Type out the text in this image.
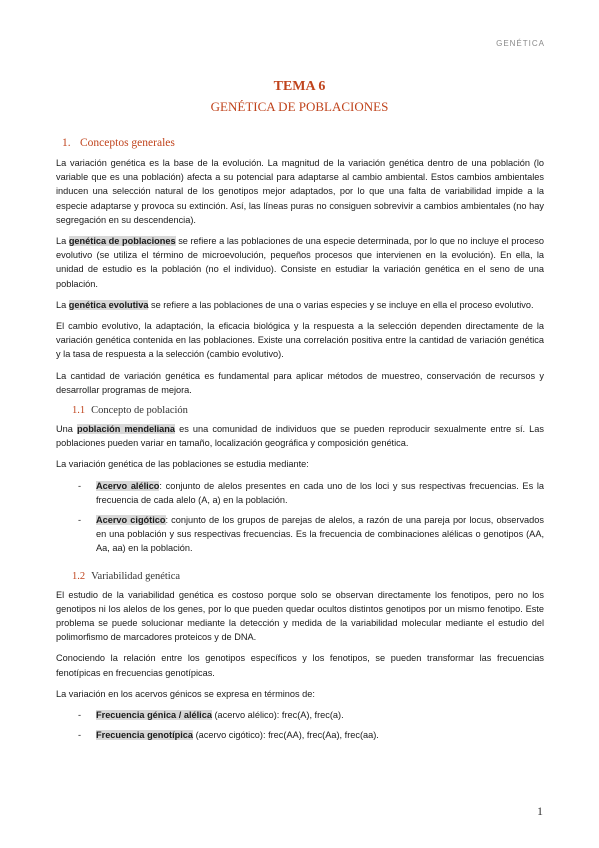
GENÉTICA
TEMA 6
GENÉTICA DE POBLACIONES
1. Conceptos generales

La variación genética es la base de la evolución. La magnitud de la variación genética dentro de una población (lo variable que es una población) afecta a su potencial para adaptarse al cambio ambiental. Estos cambios ambientales inducen una selección natural de los genotipos mejor adaptados, por lo que una falta de variabilidad impide a la especie adaptarse y provoca su extinción. Así, las líneas puras no consiguen sobrevivir a cambios ambientales (no hay segregación en su descendencia).

La genética de poblaciones se refiere a las poblaciones de una especie determinada, por lo que no incluye el proceso evolutivo (se utiliza el término de microevolución, pequeños procesos que intervienen en la evolución). En ella, la unidad de estudio es la población (no el individuo). Consiste en estudiar la variación genética en el seno de una población.

La genética evolutiva se refiere a las poblaciones de una o varias especies y se incluye en ella el proceso evolutivo.

El cambio evolutivo, la adaptación, la eficacia biológica y la respuesta a la selección dependen directamente de la variación genética contenida en las poblaciones. Existe una correlación positiva entre la cantidad de variación genética y la tasa de respuesta a la selección (cambio evolutivo).

La cantidad de variación genética es fundamental para aplicar métodos de muestreo, conservación de recursos y desarrollar programas de mejora.

1.1 Concepto de población

Una población mendeliana es una comunidad de individuos que se pueden reproducir sexualmente entre sí. Las poblaciones pueden variar en tamaño, localización geográfica y composición genética.

La variación genética de las poblaciones se estudia mediante:

- Acervo alélico: conjunto de alelos presentes en cada uno de los loci y sus respectivas frecuencias. Es la frecuencia de cada alelo (A, a) en la población.
- Acervo cigótico: conjunto de los grupos de parejas de alelos, a razón de una pareja por locus, observados en una población y sus respectivas frecuencias. Es la frecuencia de combinaciones alélicas o genotipos (AA, Aa, aa) en la población.
1.2 Variabilidad genética

El estudio de la variabilidad genética es costoso porque solo se observan directamente los fenotipos, pero no los genotipos ni los alelos de los genes, por lo que pueden quedar ocultos distintos genotipos por un mismo fenotipo. Este problema se puede solucionar mediante la detección y medida de la variabilidad molecular mediante el estudio del polimorfismo de marcadores proteicos y de DNA.

Conociendo la relación entre los genotipos específicos y los fenotipos, se pueden transformar las frecuencias fenotípicas en frecuencias genotípicas.

La variación en los acervos génicos se expresa en términos de:

- Frecuencia génica / alélica (acervo alélico): frec(A), frec(a).
- Frecuencia genotípica (acervo cigótico): frec(AA), frec(Aa), frec(aa).
1
